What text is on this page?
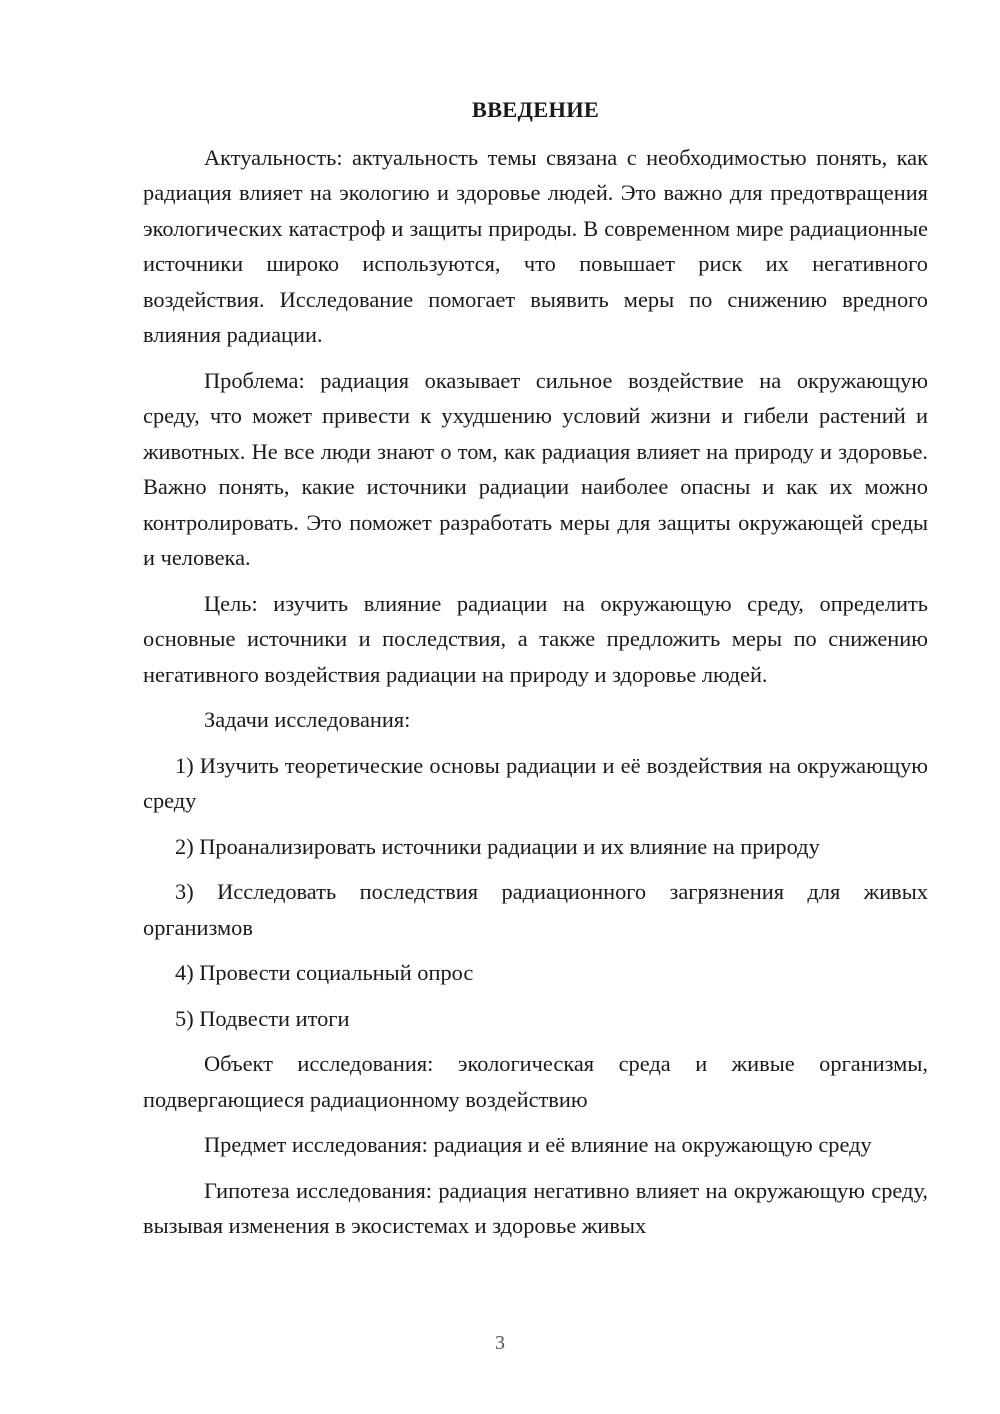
ВВЕДЕНИЕ

Актуальность: актуальность темы связана с необходимостью понять, как радиация влияет на экологию и здоровье людей. Это важно для предотвращения экологических катастроф и защиты природы. В современном мире радиационные источники широко используются, что повышает риск их негативного воздействия. Исследование помогает выявить меры по снижению вредного влияния радиации.

Проблема: радиация оказывает сильное воздействие на окружающую среду, что может привести к ухудшению условий жизни и гибели растений и животных. Не все люди знают о том, как радиация влияет на природу и здоровье. Важно понять, какие источники радиации наиболее опасны и как их можно контролировать. Это поможет разработать меры для защиты окружающей среды и человека.

Цель: изучить влияние радиации на окружающую среду, определить основные источники и последствия, а также предложить меры по снижению негативного воздействия радиации на природу и здоровье людей.

Задачи исследования:

1) Изучить теоретические основы радиации и её воздействия на окружающую среду

2) Проанализировать источники радиации и их влияние на природу

3) Исследовать последствия радиационного загрязнения для живых организмов

4) Провести социальный опрос

5) Подвести итоги

Объект исследования: экологическая среда и живые организмы, подвергающиеся радиационному воздействию

Предмет исследования: радиация и её влияние на окружающую среду

Гипотеза исследования: радиация негативно влияет на окружающую среду, вызывая изменения в экосистемах и здоровье живых

3
